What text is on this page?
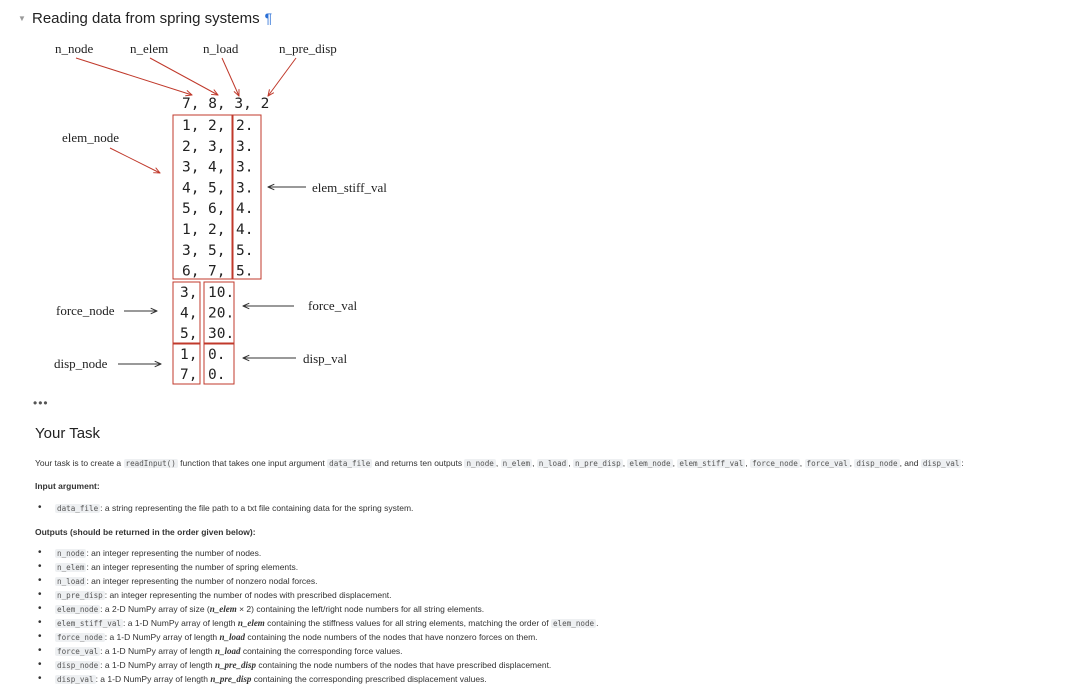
▼ Reading data from spring systems ¶
n_node	n_elem	n_load	n_pre_disp
elem_node
elem_stiff_val
force_node	force_val
disp_node	disp_val
7, 8, 3, 2
1, 2, 2.
2, 3, 3.
3, 4, 3.
4, 5, 3.
5, 6, 4.
1, 2, 4.
3, 5, 5.
6, 7, 5.
3, 10.
4, 20.
5, 30.
1, 0.
7, 0.
•••
Your Task
Your task is to create a readInput() function that takes one input argument data_file and returns ten outputs n_node , n_elem , n_load , n_pre_disp , elem_node , elem_stiff_val , force_node , force_val , disp_node , and disp_val :
Input argument:
• data_file : a string representing the file path to a txt file containing data for the spring system.
Outputs (should be returned in the order given below):
• n_node : an integer representing the number of nodes.
• n_elem : an integer representing the number of spring elements.
• n_load : an integer representing the number of nonzero nodal forces.
• n_pre_disp : an integer representing the number of nodes with prescribed displacement.
• elem_node : a 2-D NumPy array of size (n_elem × 2) containing the left/right node numbers for all string elements.
• elem_stiff_val : a 1-D NumPy array of length n_elem containing the stiffness values for all string elements, matching the order of elem_node .
• force_node : a 1-D NumPy array of length n_load containing the node numbers of the nodes that have nonzero forces on them.
• force_val : a 1-D NumPy array of length n_load containing the corresponding force values.
• disp_node : a 1-D NumPy array of length n_pre_disp containing the node numbers of the nodes that have prescribed displacement.
• disp_val : a 1-D NumPy array of length n_pre_disp containing the corresponding prescribed displacement values.
